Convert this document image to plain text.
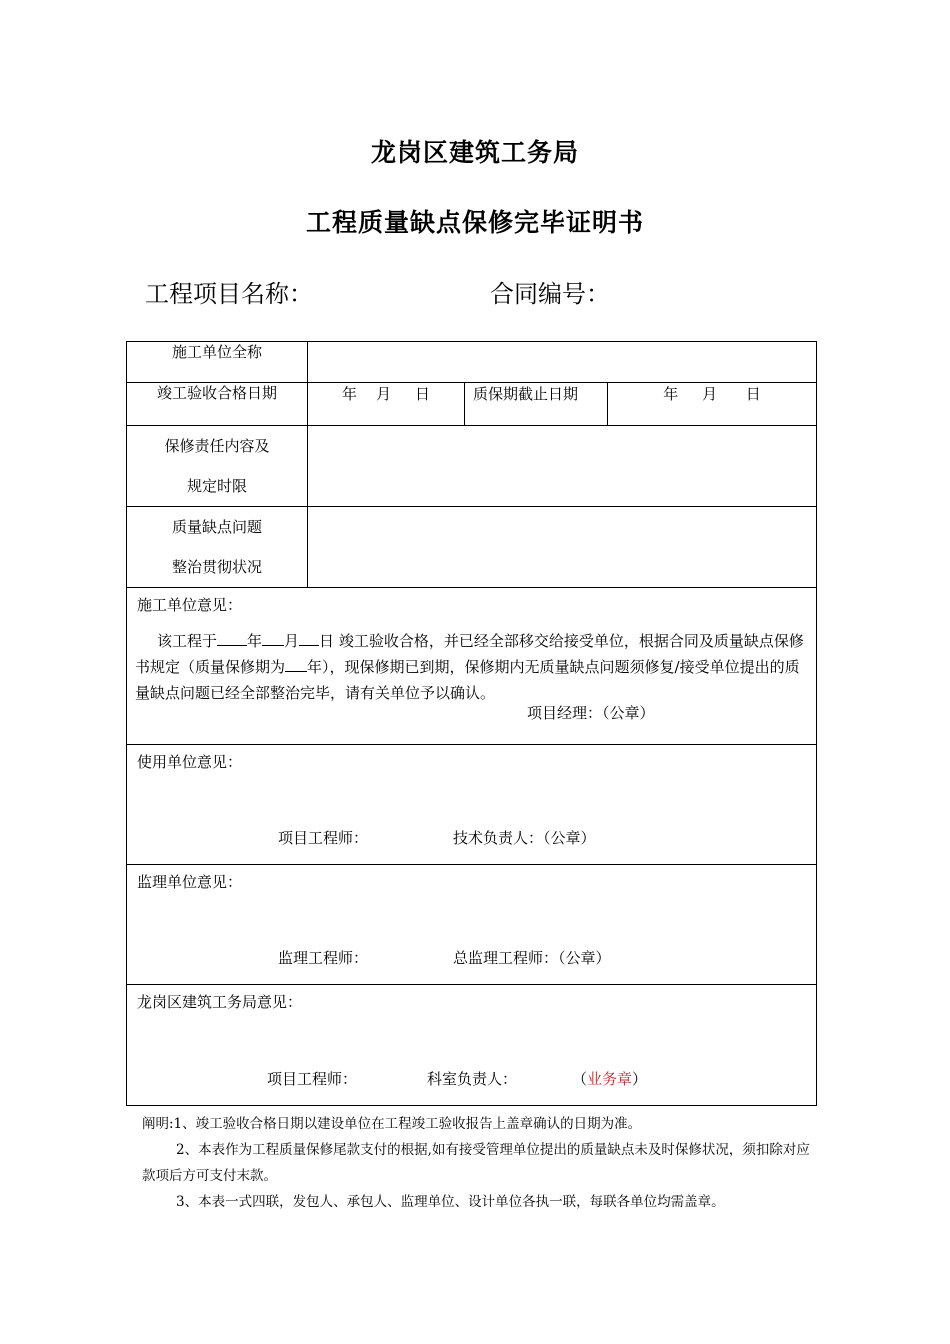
龙岗区建筑工务局
工程质量缺点保修完毕证明书
工程项目名称：	合同编号：
施工单位全称			
竣工验收合格日期	年 月 日	质保期截止日期	年 月 日

保修责任内容及
规定时限			

质量缺点问题
整治贯彻状况			

施工单位意见：
该工程于 年 月 日 竣工验收合格，并已经全部移交给接受单位，根据合同及质量缺点保修书规定（质量保修期为 年），现保修期已到期，保修期内无质量缺点问题须修复/接受单位提出的质量缺点问题已经全部整治完毕，请有关单位予以确认。
项目经理：（公章）			

使用单位意见：
项目工程师： 技术负责人：（公章）			

监理单位意见：
监理工程师： 总监理工程师：（公章）			

龙岗区建筑工务局意见：
项目工程师： 科室负责人： （业务章）			
阐明:1、竣工验收合格日期以建设单位在工程竣工验收报告上盖章确认的日期为准。
2、本表作为工程质量保修尾款支付的根据,如有接受管理单位提出的质量缺点未及时保修状况，须扣除对应款项后方可支付末款。
3、本表一式四联，发包人、承包人、监理单位、设计单位各执一联，每联各单位均需盖章。
